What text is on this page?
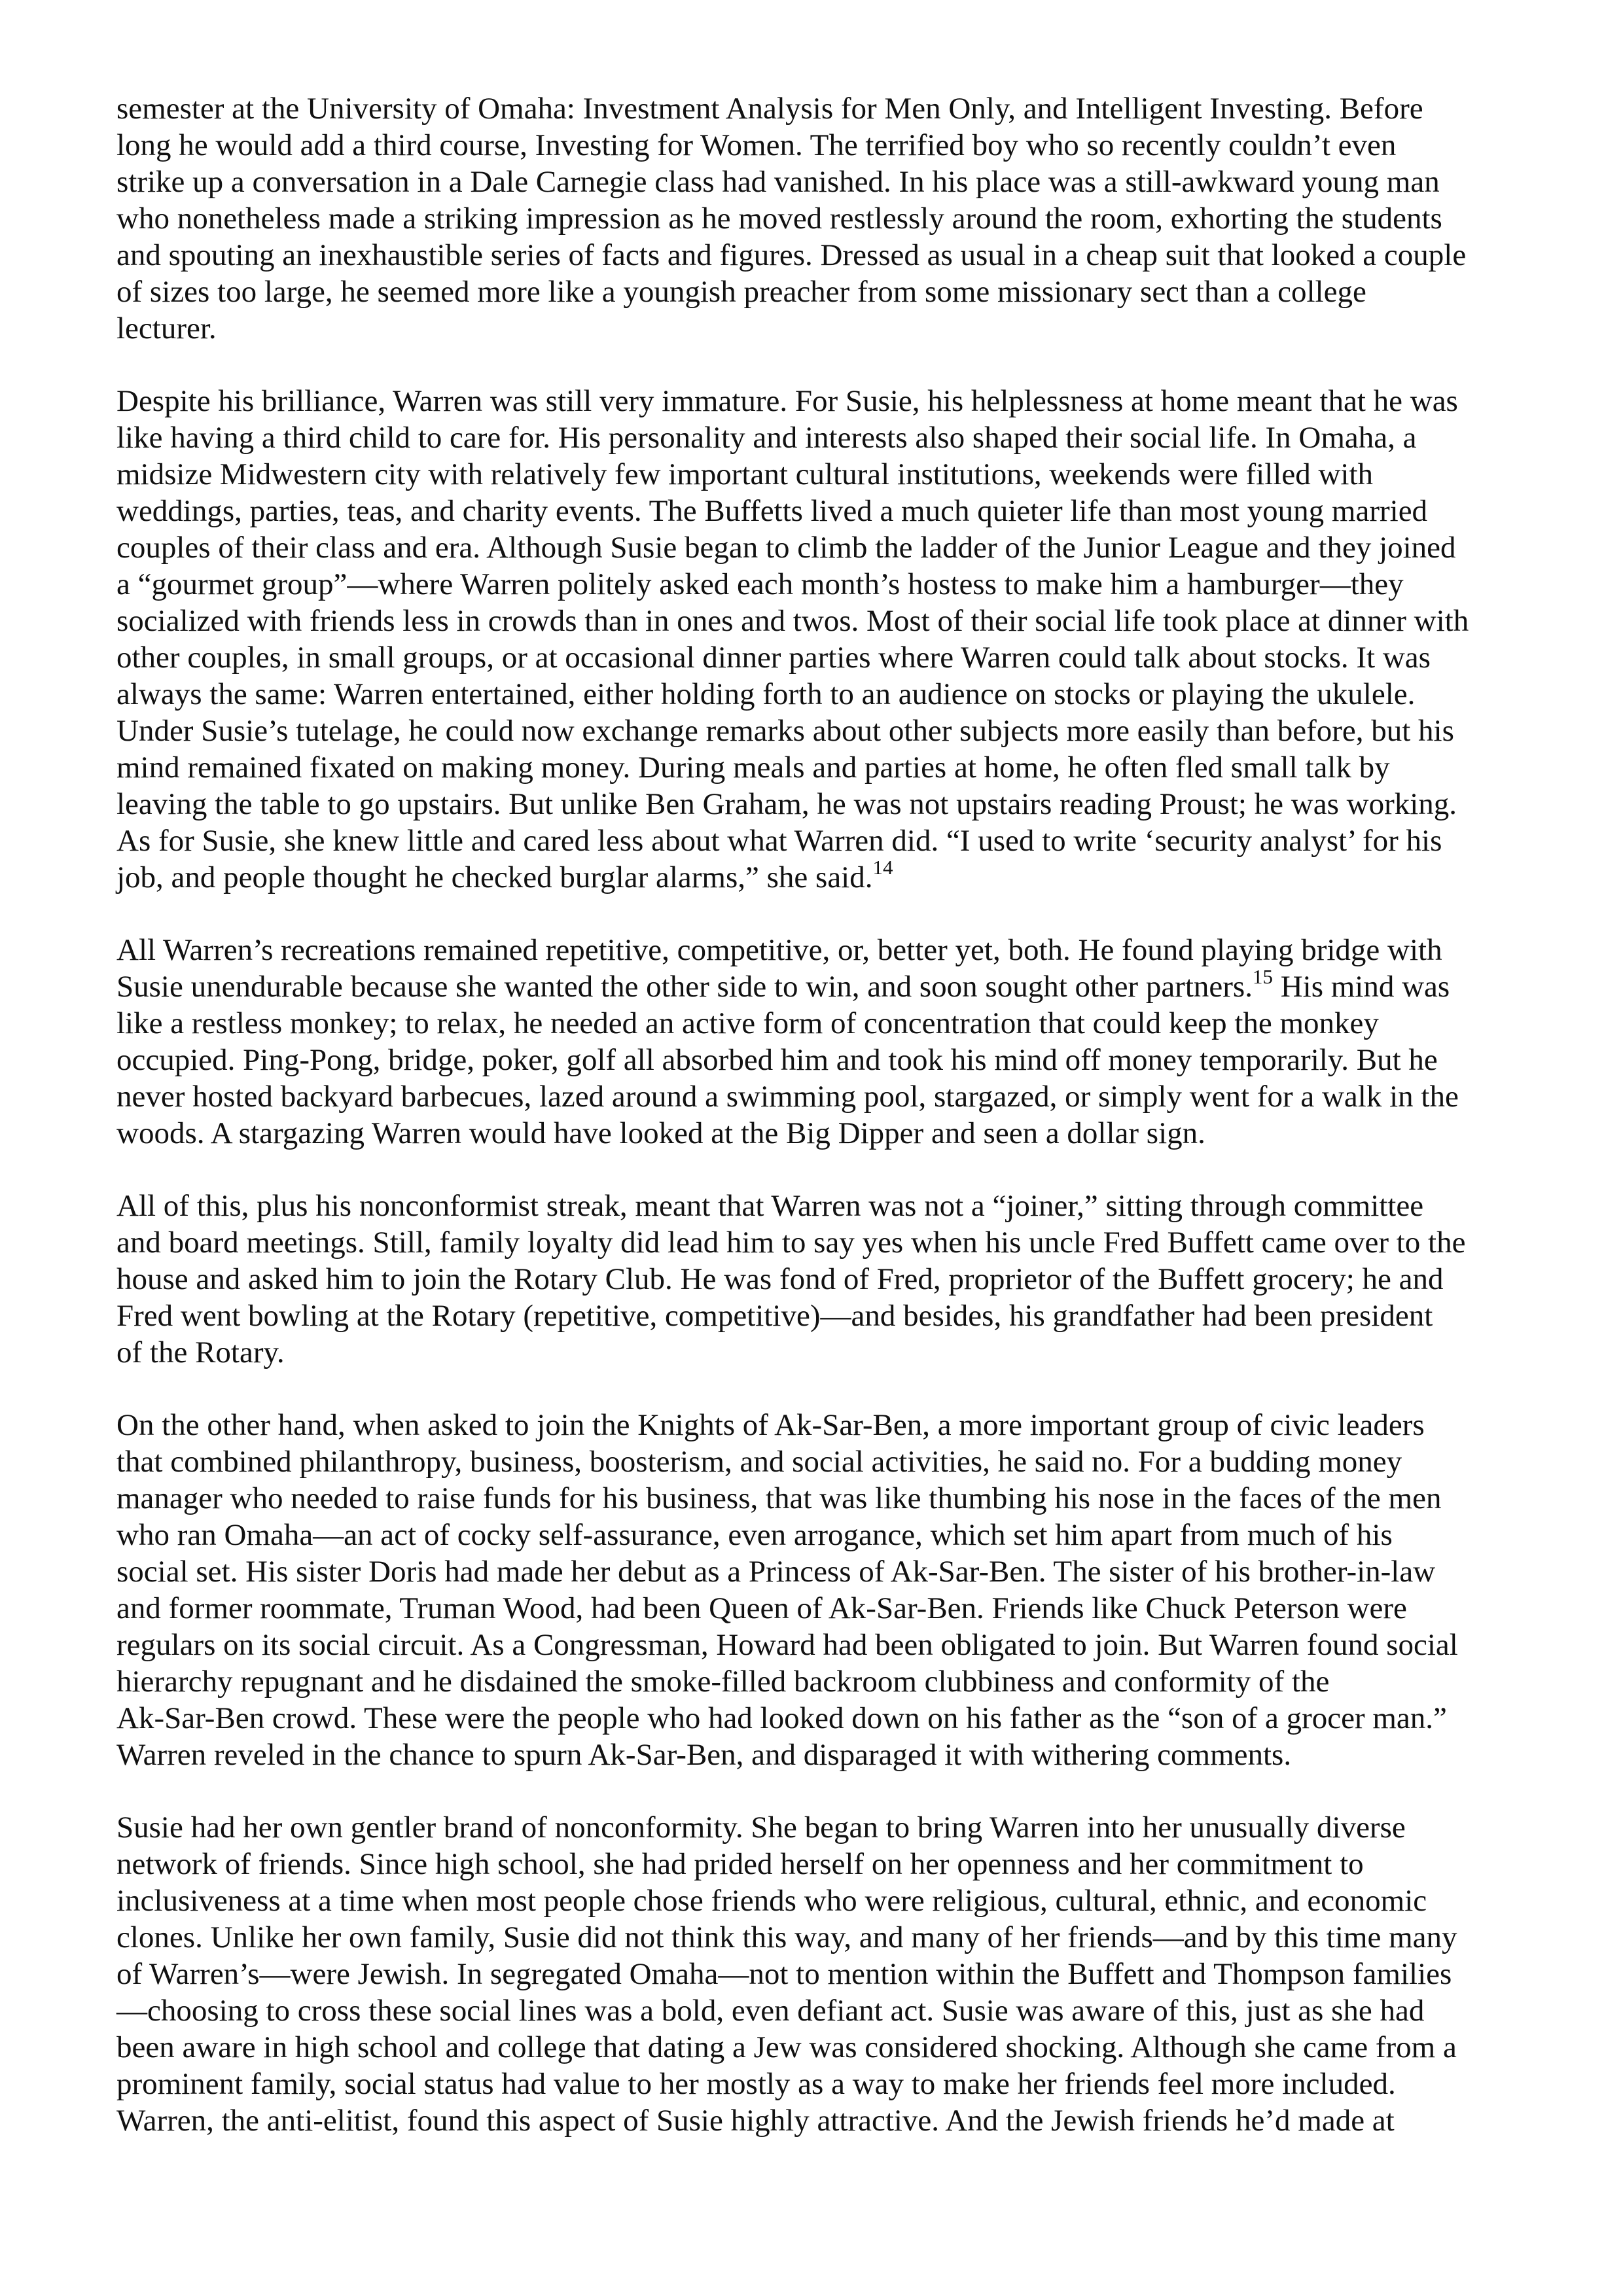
semester at the University of Omaha: Investment Analysis for Men Only, and Intelligent Investing. Before
long he would add a third course, Investing for Women. The terrified boy who so recently couldn’t even
strike up a conversation in a Dale Carnegie class had vanished. In his place was a still-awkward young man
who nonetheless made a striking impression as he moved restlessly around the room, exhorting the students
and spouting an inexhaustible series of facts and figures. Dressed as usual in a cheap suit that looked a couple
of sizes too large, he seemed more like a youngish preacher from some missionary sect than a college
lecturer.

Despite his brilliance, Warren was still very immature. For Susie, his helplessness at home meant that he was
like having a third child to care for. His personality and interests also shaped their social life. In Omaha, a
midsize Midwestern city with relatively few important cultural institutions, weekends were filled with
weddings, parties, teas, and charity events. The Buffetts lived a much quieter life than most young married
couples of their class and era. Although Susie began to climb the ladder of the Junior League and they joined
a “gourmet group”—where Warren politely asked each month’s hostess to make him a hamburger—they
socialized with friends less in crowds than in ones and twos. Most of their social life took place at dinner with
other couples, in small groups, or at occasional dinner parties where Warren could talk about stocks. It was
always the same: Warren entertained, either holding forth to an audience on stocks or playing the ukulele.
Under Susie’s tutelage, he could now exchange remarks about other subjects more easily than before, but his
mind remained fixated on making money. During meals and parties at home, he often fled small talk by
leaving the table to go upstairs. But unlike Ben Graham, he was not upstairs reading Proust; he was working.
As for Susie, she knew little and cared less about what Warren did. “I used to write ‘security analyst’ for his
job, and people thought he checked burglar alarms,” she said.$^{14}$

All Warren’s recreations remained repetitive, competitive, or, better yet, both. He found playing bridge with
Susie unendurable because she wanted the other side to win, and soon sought other partners.$^{15}$ His mind was
like a restless monkey; to relax, he needed an active form of concentration that could keep the monkey
occupied. Ping-Pong, bridge, poker, golf all absorbed him and took his mind off money temporarily. But he
never hosted backyard barbecues, lazed around a swimming pool, stargazed, or simply went for a walk in the
woods. A stargazing Warren would have looked at the Big Dipper and seen a dollar sign.

All of this, plus his nonconformist streak, meant that Warren was not a “joiner,” sitting through committee
and board meetings. Still, family loyalty did lead him to say yes when his uncle Fred Buffett came over to the
house and asked him to join the Rotary Club. He was fond of Fred, proprietor of the Buffett grocery; he and
Fred went bowling at the Rotary (repetitive, competitive)—and besides, his grandfather had been president
of the Rotary.

On the other hand, when asked to join the Knights of Ak-Sar-Ben, a more important group of civic leaders
that combined philanthropy, business, boosterism, and social activities, he said no. For a budding money
manager who needed to raise funds for his business, that was like thumbing his nose in the faces of the men
who ran Omaha—an act of cocky self-assurance, even arrogance, which set him apart from much of his
social set. His sister Doris had made her debut as a Princess of Ak-Sar-Ben. The sister of his brother-in-law
and former roommate, Truman Wood, had been Queen of Ak-Sar-Ben. Friends like Chuck Peterson were
regulars on its social circuit. As a Congressman, Howard had been obligated to join. But Warren found social
hierarchy repugnant and he disdained the smoke-filled backroom clubbiness and conformity of the
Ak-Sar-Ben crowd. These were the people who had looked down on his father as the “son of a grocer man.”
Warren reveled in the chance to spurn Ak-Sar-Ben, and disparaged it with withering comments.

Susie had her own gentler brand of nonconformity. She began to bring Warren into her unusually diverse
network of friends. Since high school, she had prided herself on her openness and her commitment to
inclusiveness at a time when most people chose friends who were religious, cultural, ethnic, and economic
clones. Unlike her own family, Susie did not think this way, and many of her friends—and by this time many
of Warren’s—were Jewish. In segregated Omaha—not to mention within the Buffett and Thompson families
—choosing to cross these social lines was a bold, even defiant act. Susie was aware of this, just as she had
been aware in high school and college that dating a Jew was considered shocking. Although she came from a
prominent family, social status had value to her mostly as a way to make her friends feel more included.
Warren, the anti-elitist, found this aspect of Susie highly attractive. And the Jewish friends he’d made at
